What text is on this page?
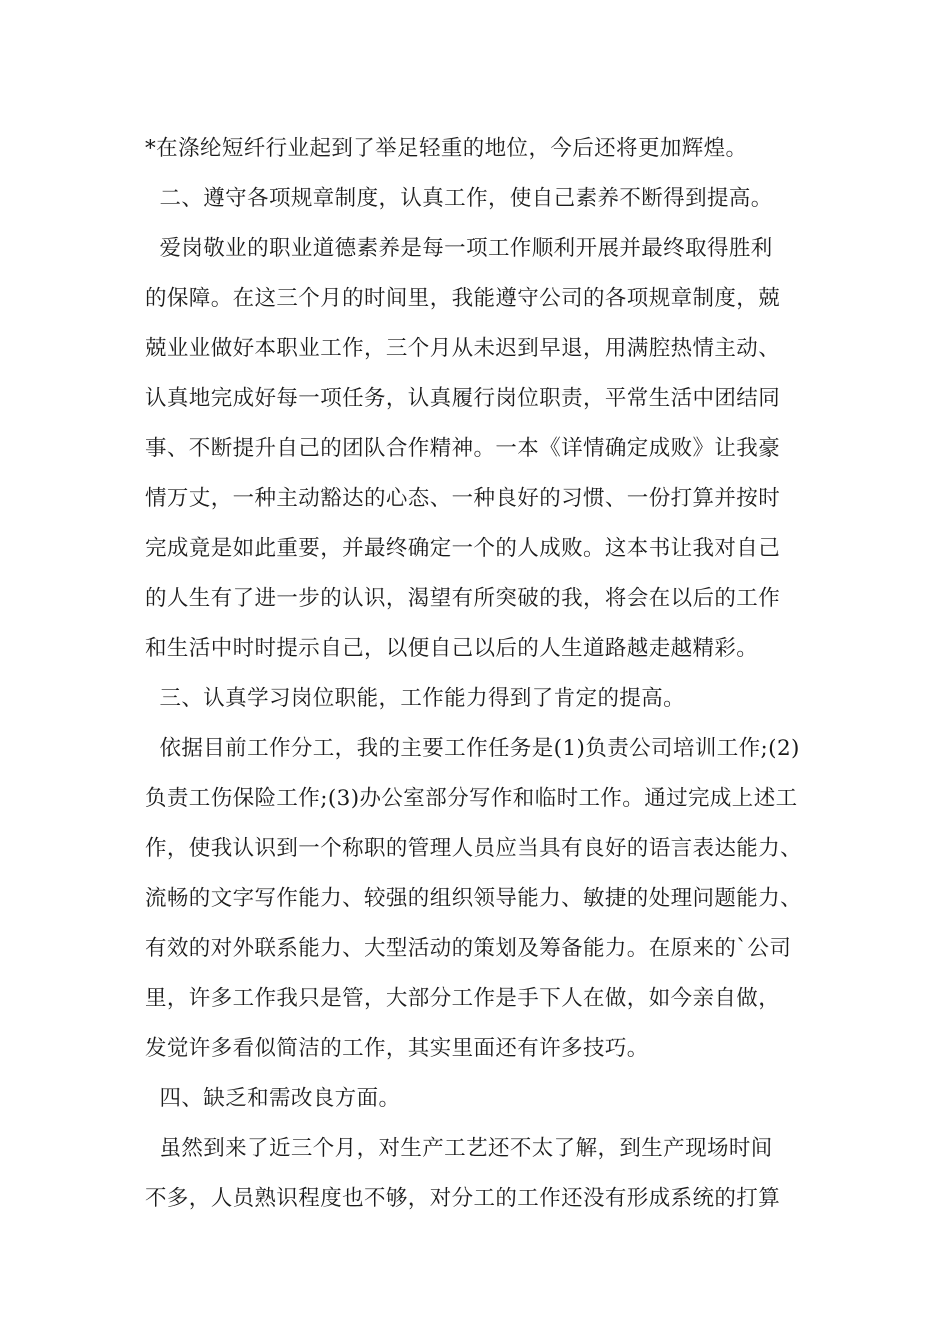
*在涤纶短纤行业起到了举足轻重的地位，今后还将更加辉煌。
二、遵守各项规章制度，认真工作，使自己素养不断得到提高。
爱岗敬业的职业道德素养是每一项工作顺利开展并最终取得胜利
的保障。在这三个月的时间里，我能遵守公司的各项规章制度，兢
兢业业做好本职业工作，三个月从未迟到早退，用满腔热情主动、
认真地完成好每一项任务，认真履行岗位职责，平常生活中团结同
事、不断提升自己的团队合作精神。一本《详情确定成败》让我豪
情万丈，一种主动豁达的心态、一种良好的习惯、一份打算并按时
完成竟是如此重要，并最终确定一个的人成败。这本书让我对自己
的人生有了进一步的认识，渴望有所突破的我，将会在以后的工作
和生活中时时提示自己，以便自己以后的人生道路越走越精彩。
三、认真学习岗位职能，工作能力得到了肯定的提高。
依据目前工作分工，我的主要工作任务是(1)负责公司培训工作;(2)
负责工伤保险工作;(3)办公室部分写作和临时工作。通过完成上述工
作，使我认识到一个称职的管理人员应当具有良好的语言表达能力、
流畅的文字写作能力、较强的组织领导能力、敏捷的处理问题能力、
有效的对外联系能力、大型活动的策划及筹备能力。在原来的`公司
里，许多工作我只是管，大部分工作是手下人在做，如今亲自做，
发觉许多看似简洁的工作，其实里面还有许多技巧。
四、缺乏和需改良方面。
虽然到来了近三个月，对生产工艺还不太了解，到生产现场时间
不多，人员熟识程度也不够，对分工的工作还没有形成系统的打算
